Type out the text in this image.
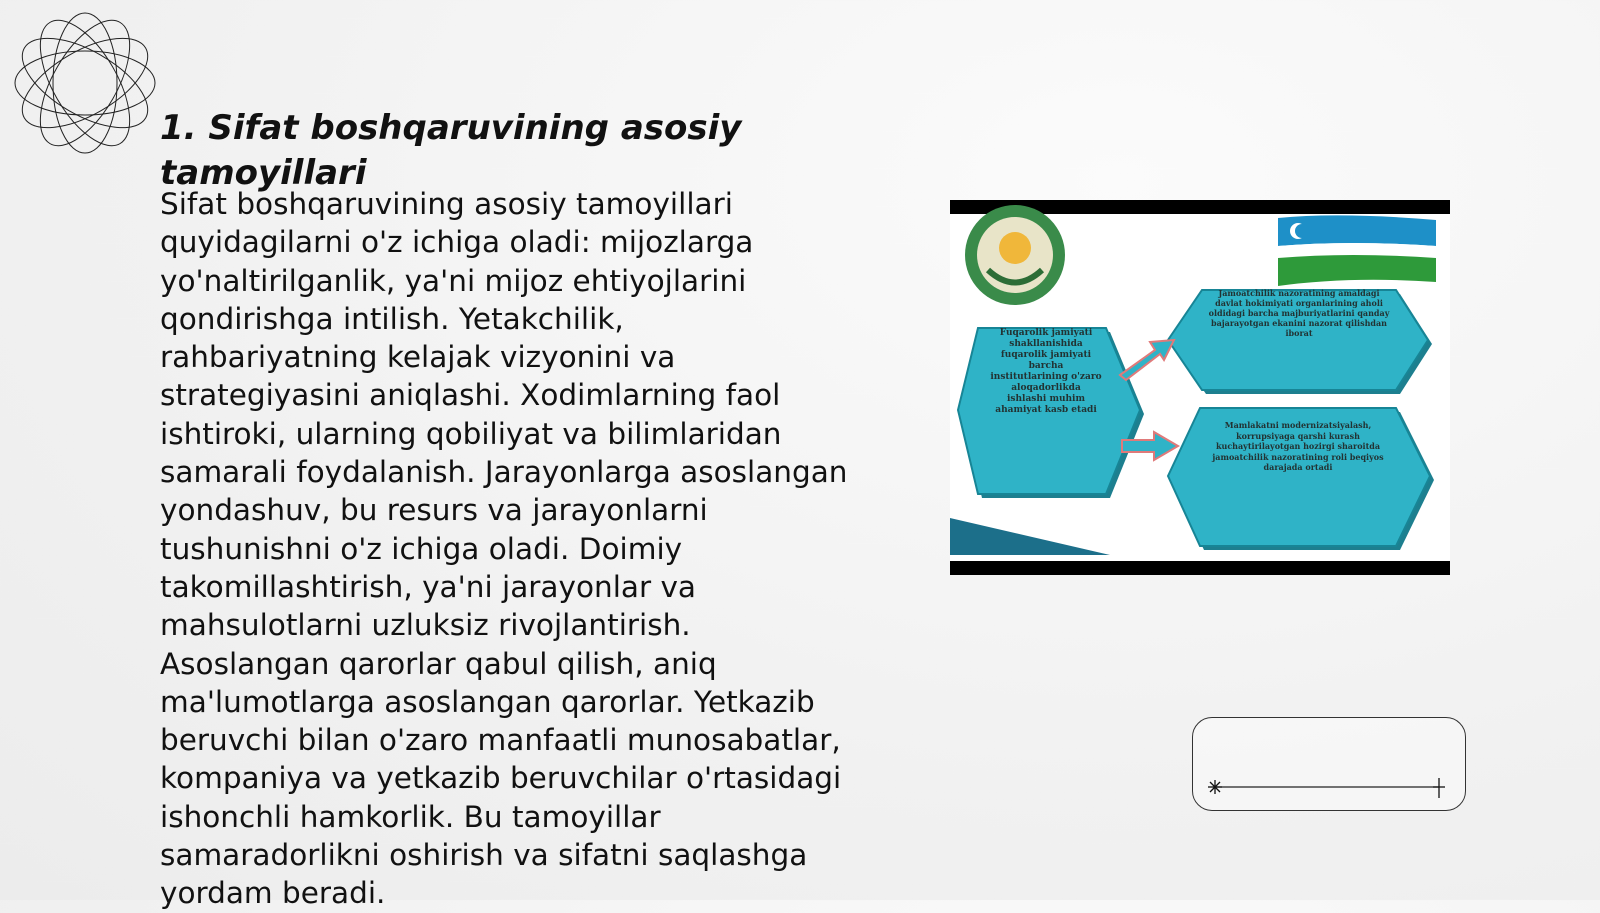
1. Sifat boshqaruvining asosiy tamoyillari

Sifat boshqaruvining asosiy tamoyillari quyidagilarni o'z ichiga oladi: mijozlarga yo'naltirilganlik, ya'ni mijoz ehtiyojlarini qondirishga intilish. Yetakchilik, rahbariyatning kelajak vizyonini va strategiyasini aniqlashi. Xodimlarning faol ishtiroki, ularning qobiliyat va bilimlaridan samarali foydalanish. Jarayonlarga asoslangan yondashuv, bu resurs va jarayonlarni tushunishni o'z ichiga oladi. Doimiy takomillashtirish, ya'ni jarayonlar va mahsulotlarni uzluksiz rivojlantirish. Asoslangan qarorlar qabul qilish, aniq ma'lumotlarga asoslangan qarorlar. Yetkazib beruvchi bilan o'zaro manfaatli munosabatlar, kompaniya va yetkazib beruvchilar o'rtasidagi ishonchli hamkorlik. Bu tamoyillar samaradorlikni oshirish va sifatni saqlashga yordam beradi.

Fuqarolik jamiyati shakllanishida fuqarolik jamiyati barcha institutlarining o'zaro aloqadorlikda ishlashi muhim ahamiyat kasb etadi
Jamoatchilik nazoratining amaldagi davlat hokimiyati organlarining aholi oldidagi barcha majburiyatlarini qanday bajarayotgan ekanini nazorat qilishdan iborat
Mamlakatni modernizatsiyalash, korrupsiyaga qarshi kurash kuchaytirilayotgan hozirgi sharoitda jamoatchilik nazoratining roli beqiyos darajada ortadi
